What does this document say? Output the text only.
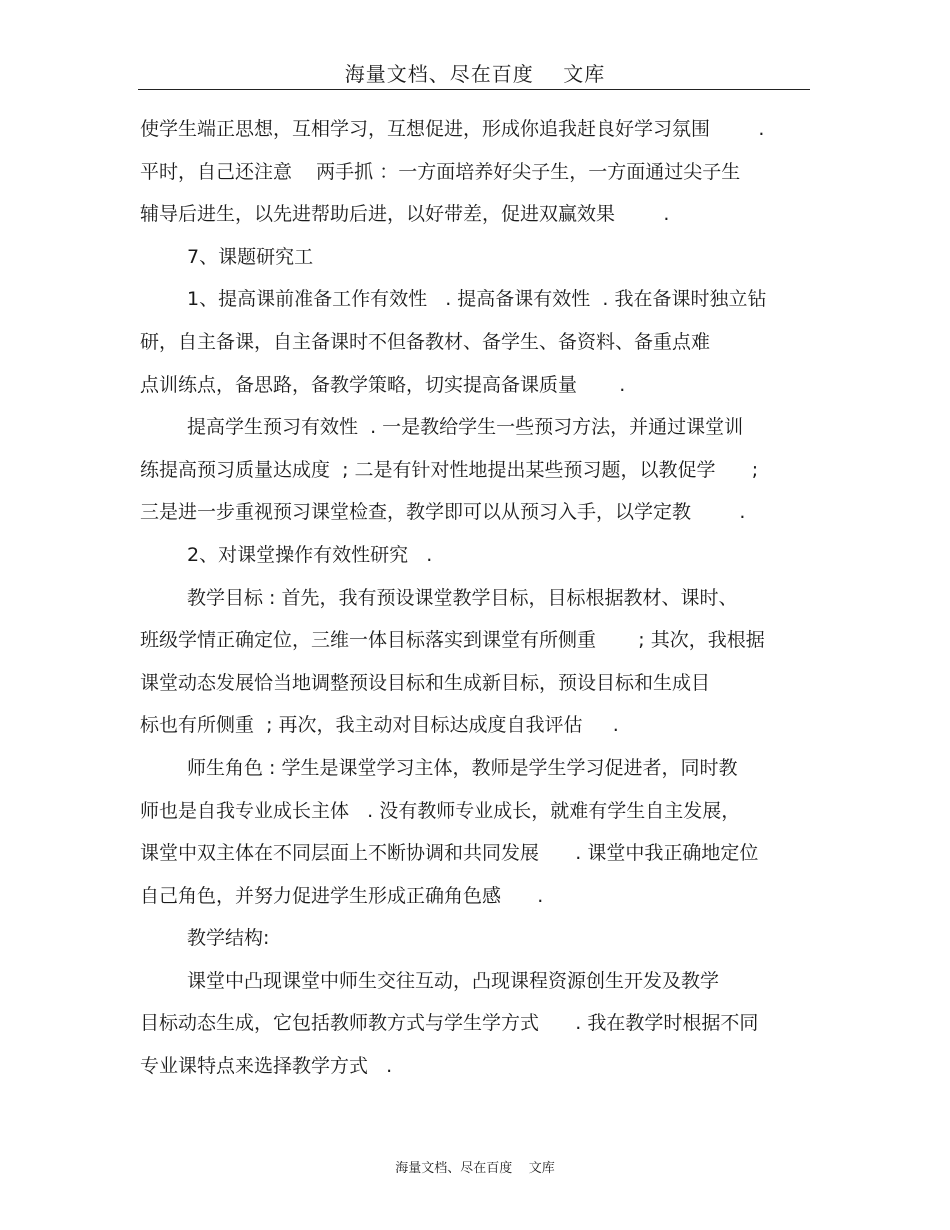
海量文档、尽在百度    文库
使学生端正思想，互相学习，互想促进，形成你追我赶良好学习氛围        .
平时，自己还注意    两手抓 ：一方面培养好尖子生，一方面通过尖子生
辅导后进生，以先进帮助后进，以好带差，促进双赢效果        .
7、课题研究工
1、提高课前准备工作有效性   . 提高备课有效性  . 我在备课时独立钻
研，自主备课，自主备课时不但备教材、备学生、备资料、备重点难
点训练点，备思路，备教学策略，切实提高备课质量       .
提高学生预习有效性  . 一是教给学生一些预习方法，并通过课堂训
练提高预习质量达成度  ; 二是有针对性地提出某些预习题，以教促学      ;
三是进一步重视预习课堂检查，教学即可以从预习入手，以学定教        .
2、对课堂操作有效性研究   .
教学目标 : 首先，我有预设课堂教学目标，目标根据教材、课时、
班级学情正确定位，三维一体目标落实到课堂有所侧重       ; 其次，我根据
课堂动态发展恰当地调整预设目标和生成新目标，预设目标和生成目
标也有所侧重  ; 再次，我主动对目标达成度自我评估     .
师生角色 : 学生是课堂学习主体，教师是学生学习促进者，同时教
师也是自我专业成长主体   . 没有教师专业成长，就难有学生自主发展，
课堂中双主体在不同层面上不断协调和共同发展      . 课堂中我正确地定位
自己角色，并努力促进学生形成正确角色感      .
教学结构:
课堂中凸现课堂中师生交往互动，凸现课程资源创生开发及教学
目标动态生成，它包括教师教方式与学生学方式      . 我在教学时根据不同
专业课特点来选择教学方式   .
海量文档、尽在百度    文库
